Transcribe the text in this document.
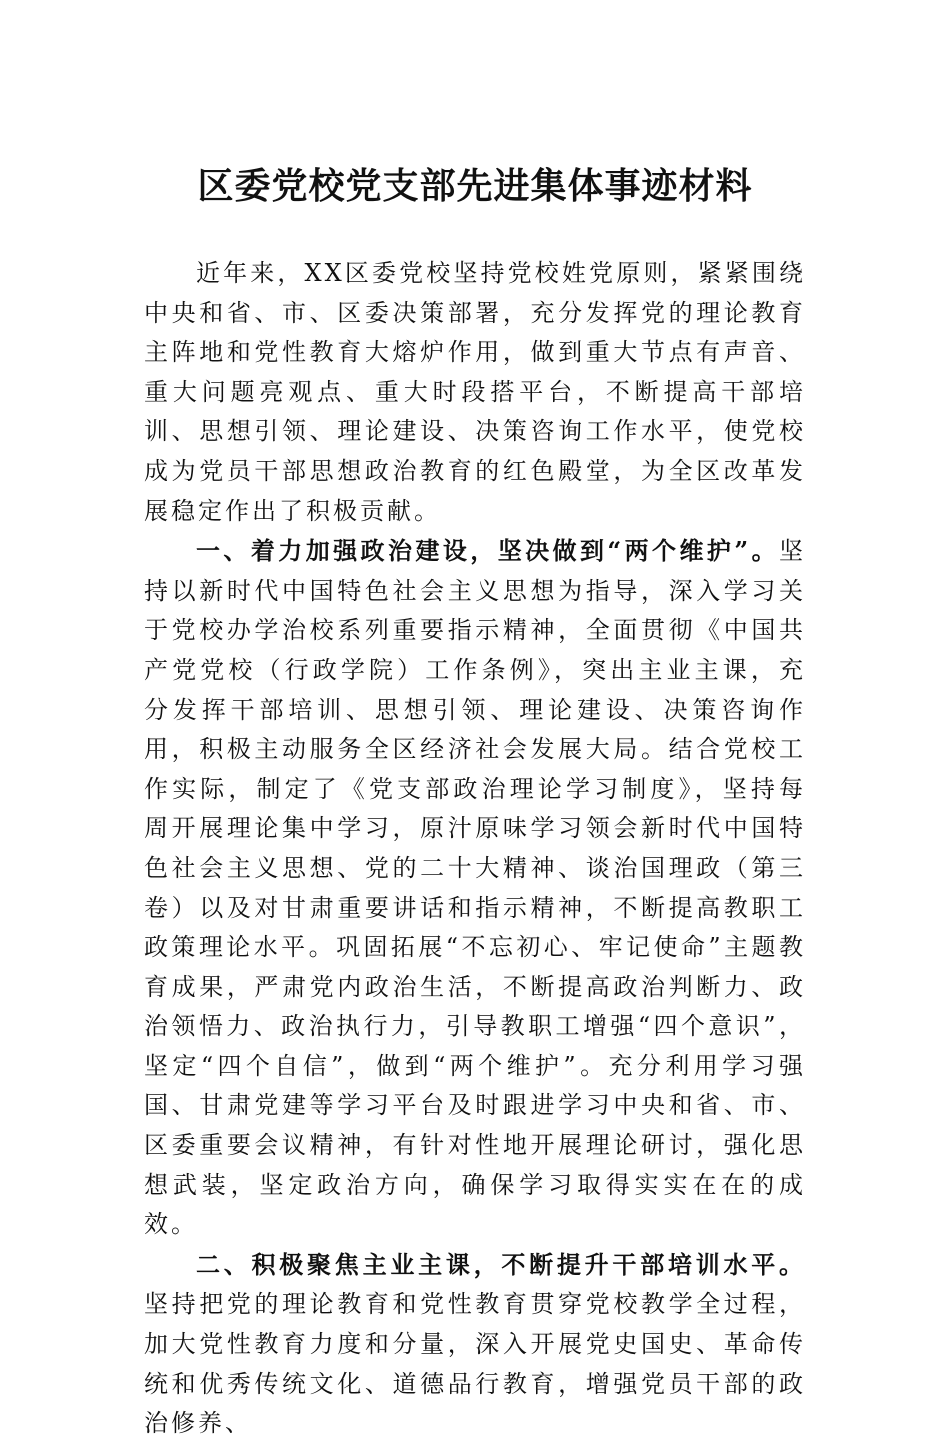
区委党校党支部先进集体事迹材料

近年来，XX区委党校坚持党校姓党原则，紧紧围绕中央和省、市、区委决策部署，充分发挥党的理论教育主阵地和党性教育大熔炉作用，做到重大节点有声音、重大问题亮观点、重大时段搭平台，不断提高干部培训、思想引领、理论建设、决策咨询工作水平，使党校成为党员干部思想政治教育的红色殿堂，为全区改革发展稳定作出了积极贡献。

一、着力加强政治建设，坚决做到“两个维护”。坚持以新时代中国特色社会主义思想为指导，深入学习关于党校办学治校系列重要指示精神，全面贯彻《中国共产党党校（行政学院）工作条例》，突出主业主课，充分发挥干部培训、思想引领、理论建设、决策咨询作用，积极主动服务全区经济社会发展大局。结合党校工作实际，制定了《党支部政治理论学习制度》，坚持每周开展理论集中学习，原汁原味学习领会新时代中国特色社会主义思想、党的二十大精神、谈治国理政（第三卷）以及对甘肃重要讲话和指示精神，不断提高教职工政策理论水平。巩固拓展“不忘初心、牢记使命”主题教育成果，严肃党内政治生活，不断提高政治判断力、政治领悟力、政治执行力，引导教职工增强“四个意识”，坚定“四个自信”，做到“两个维护”。充分利用学习强国、甘肃党建等学习平台及时跟进学习中央和省、市、区委重要会议精神，有针对性地开展理论研讨，强化思想武装，坚定政治方向，确保学习取得实实在在的成效。

二、积极聚焦主业主课，不断提升干部培训水平。坚持把党的理论教育和党性教育贯穿党校教学全过程，加大党性教育力度和分量，深入开展党史国史、革命传统和优秀传统文化、道德品行教育，增强党员干部的政治修养、
